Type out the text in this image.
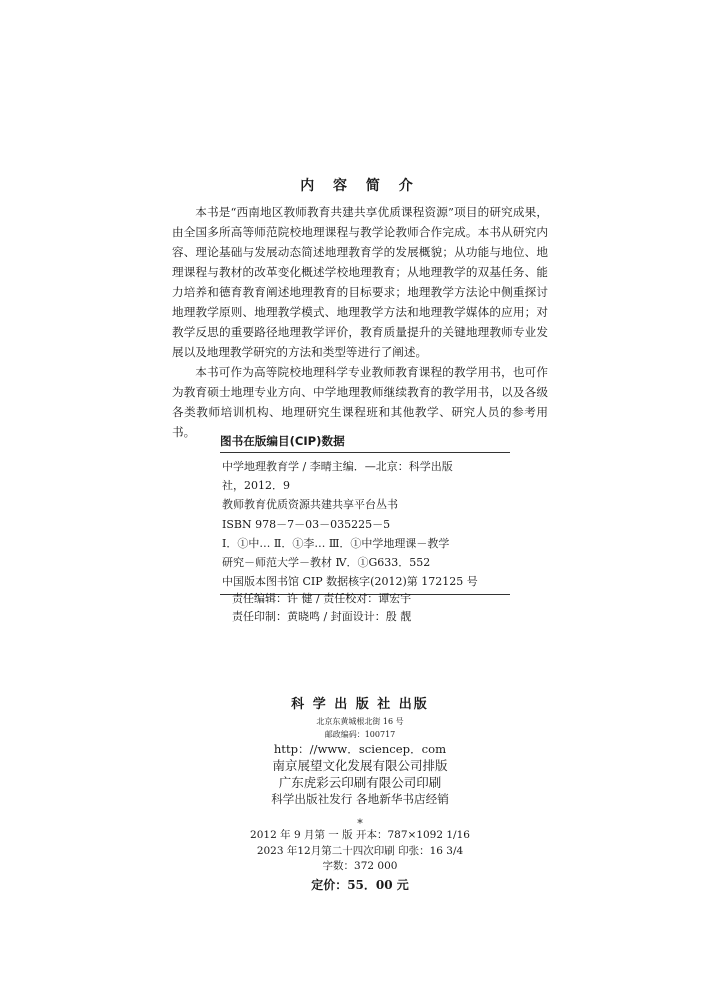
内 容 简 介

本书是“西南地区教师教育共建共享优质课程资源”项目的研究成果，由全国多所高等师范院校地理课程与教学论教师合作完成。本书从研究内容、理论基础与发展动态简述地理教育学的发展概貌；从功能与地位、地理课程与教材的改革变化概述学校地理教育；从地理教学的双基任务、能力培养和德育教育阐述地理教育的目标要求；地理教学方法论中侧重探讨地理教学原则、地理教学模式、地理教学方法和地理教学媒体的应用；对教学反思的重要路径地理教学评价，教育质量提升的关键地理教师专业发展以及地理教学研究的方法和类型等进行了阐述。

本书可作为高等院校地理科学专业教师教育课程的教学用书，也可作为教育硕士地理专业方向、中学地理教师继续教育的教学用书，以及各级各类教师培训机构、地理研究生课程班和其他教学、研究人员的参考用书。

图书在版编目(CIP)数据
中学地理教育学 / 李晴主编．—北京：科学出版
社，2012．9
教师教育优质资源共建共享平台丛书
ISBN 978－7－03－035225－5
Ⅰ．①中… Ⅱ．①李… Ⅲ．①中学地理课－教学
研究－师范大学－教材 Ⅳ．①G633．552
中国版本图书馆 CIP 数据核字(2012)第 172125 号
责任编辑：许 健 / 责任校对：谭宏宇
责任印制：黄晓鸣 / 封面设计：殷 靓
科 学 出 版 社 出版
北京东黄城根北街 16 号
邮政编码：100717
http：//www．sciencep．com
南京展望文化发展有限公司排版
广东虎彩云印刷有限公司印刷
科学出版社发行 各地新华书店经销
*
2012 年 9 月第 一 版 开本：787×1092 1/16
2023 年12月第二十四次印刷 印张：16 3/4
字数：372 000
定价：55．00 元
